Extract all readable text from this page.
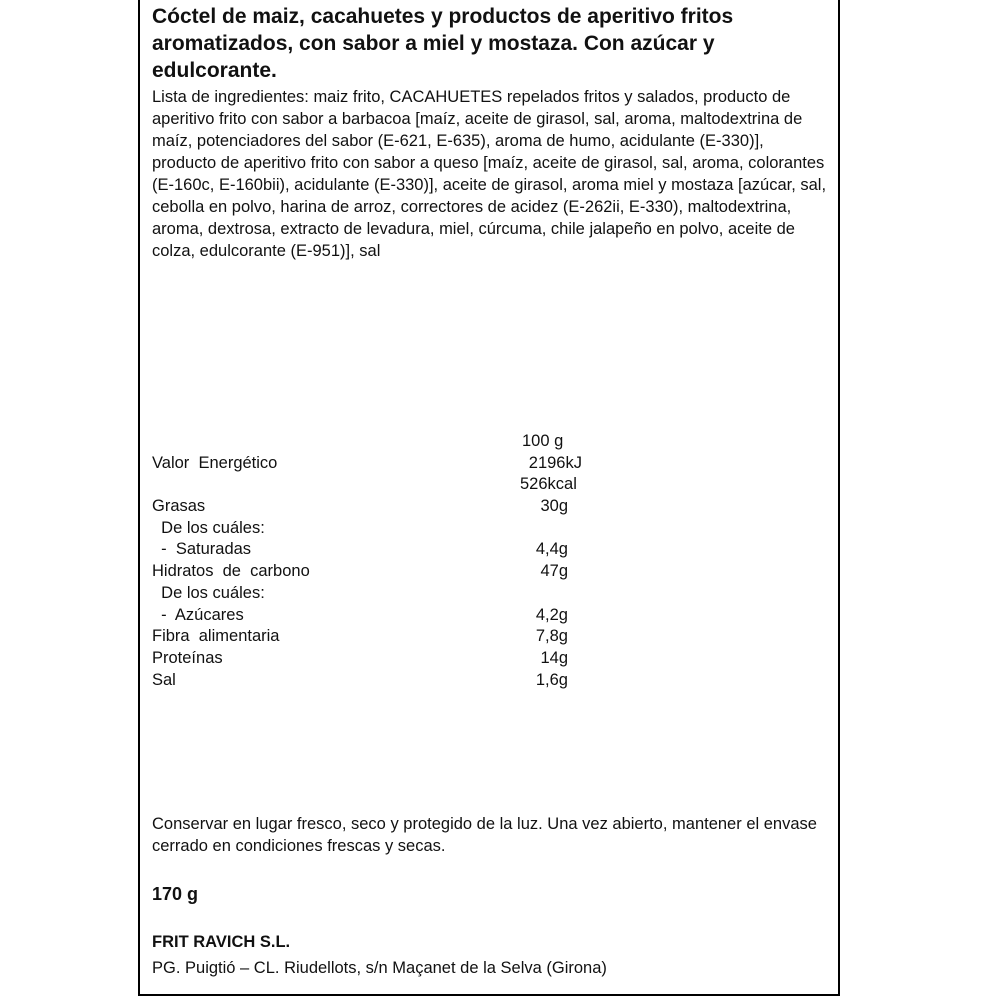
Cóctel de maiz, cacahuetes y productos de aperitivo fritos aromatizados, con sabor a miel y mostaza. Con azúcar y edulcorante.

Lista de ingredientes: maiz frito, CACAHUETES repelados fritos y salados, producto de aperitivo frito con sabor a barbacoa [maíz, aceite de girasol, sal, aroma, maltodextrina de maíz, potenciadores del sabor (E-621, E-635), aroma de humo, acidulante (E-330)], producto de aperitivo frito con sabor a queso [maíz, aceite de girasol, sal, aroma, colorantes (E-160c, E-160bii), acidulante (E-330)], aceite de girasol, aroma miel y mostaza [azúcar, sal, cebolla en polvo, harina de arroz, correctores de acidez (E-262ii, E-330), maltodextrina, aroma, dextrosa, extracto de levadura, miel, cúrcuma, chile jalapeño en polvo, aceite de colza, edulcorante (E-951)], sal

100 g
Valor  Energético	2196kJ
526kcal
Grasas	30g
De los cuáles:
-  Saturadas	4,4g
Hidratos  de  carbono	47g
De los cuáles:
-  Azúcares	4,2g
Fibra  alimentaria	7,8g
Proteínas	14g
Sal	1,6g

Conservar en lugar fresco, seco y protegido de la luz. Una vez abierto, mantener el envase cerrado en condiciones frescas y secas.

170 g

FRIT RAVICH S.L.

PG. Puigtió – CL. Riudellots, s/n Maçanet de la Selva (Girona)
